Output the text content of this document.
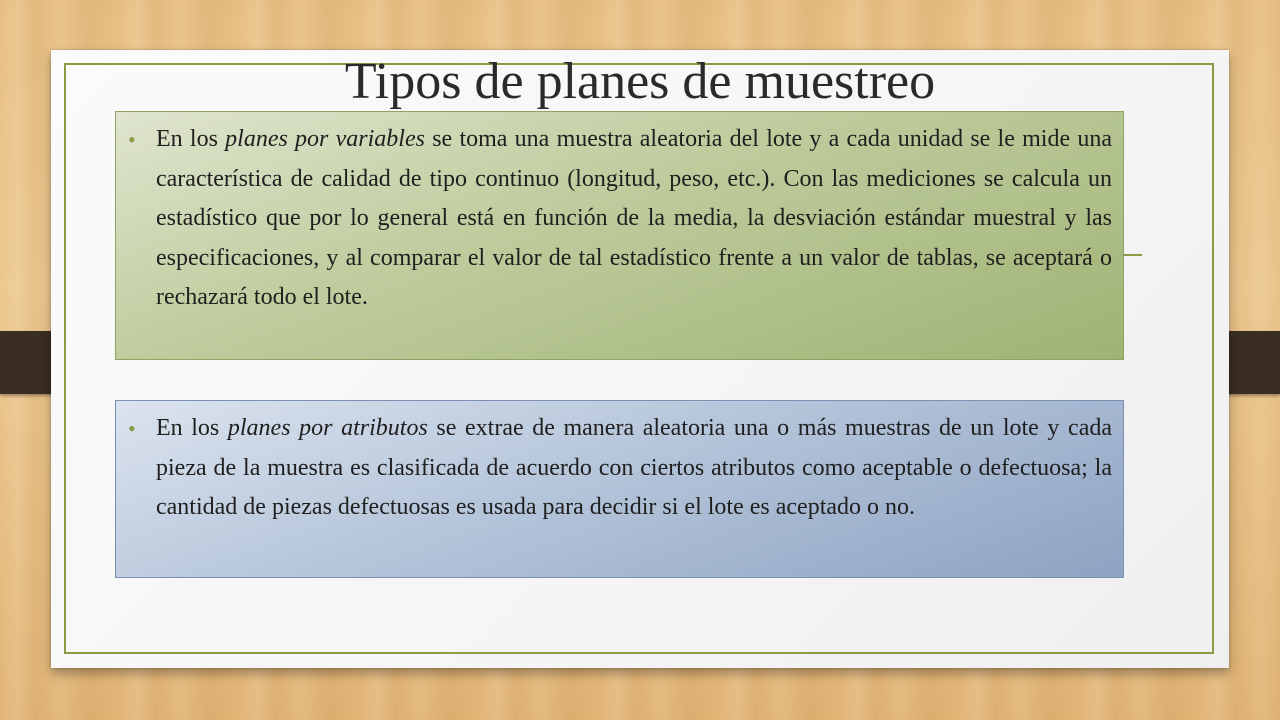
Tipos de planes de muestreo
• En los planes por variables se toma una muestra aleatoria del lote y a cada unidad se le mide una característica de calidad de tipo continuo (longitud, peso, etc.). Con las mediciones se calcula un estadístico que por lo general está en función de la media, la desviación estándar muestral y las especificaciones, y al comparar el valor de tal estadístico frente a un valor de tablas, se aceptará o rechazará todo el lote.

• En los planes por atributos se extrae de manera aleatoria una o más muestras de un lote y cada pieza de la muestra es clasificada de acuerdo con ciertos atributos como aceptable o defectuosa; la cantidad de piezas defectuosas es usada para decidir si el lote es aceptado o no.
